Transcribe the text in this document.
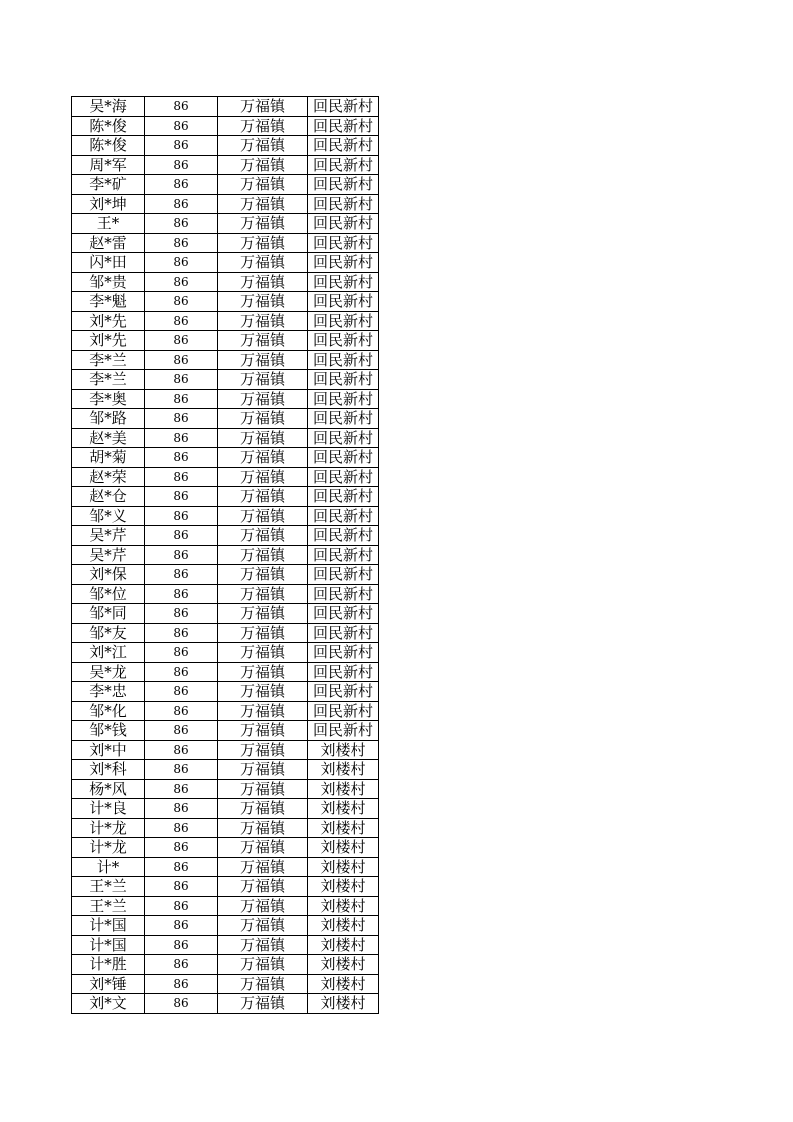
吴*海	86	万福镇	回民新村
陈*俊	86	万福镇	回民新村
陈*俊	86	万福镇	回民新村
周*军	86	万福镇	回民新村
李*矿	86	万福镇	回民新村
刘*坤	86	万福镇	回民新村
王*	86	万福镇	回民新村
赵*雷	86	万福镇	回民新村
闪*田	86	万福镇	回民新村
邹*贵	86	万福镇	回民新村
李*魁	86	万福镇	回民新村
刘*先	86	万福镇	回民新村
刘*先	86	万福镇	回民新村
李*兰	86	万福镇	回民新村
李*兰	86	万福镇	回民新村
李*奥	86	万福镇	回民新村
邹*路	86	万福镇	回民新村
赵*美	86	万福镇	回民新村
胡*菊	86	万福镇	回民新村
赵*荣	86	万福镇	回民新村
赵*仓	86	万福镇	回民新村
邹*义	86	万福镇	回民新村
吴*芹	86	万福镇	回民新村
吴*芹	86	万福镇	回民新村
刘*保	86	万福镇	回民新村
邹*位	86	万福镇	回民新村
邹*同	86	万福镇	回民新村
邹*友	86	万福镇	回民新村
刘*江	86	万福镇	回民新村
吴*龙	86	万福镇	回民新村
李*忠	86	万福镇	回民新村
邹*化	86	万福镇	回民新村
邹*钱	86	万福镇	回民新村
刘*中	86	万福镇	刘楼村
刘*科	86	万福镇	刘楼村
杨*风	86	万福镇	刘楼村
计*良	86	万福镇	刘楼村
计*龙	86	万福镇	刘楼村
计*龙	86	万福镇	刘楼村
计*	86	万福镇	刘楼村
王*兰	86	万福镇	刘楼村
王*兰	86	万福镇	刘楼村
计*国	86	万福镇	刘楼村
计*国	86	万福镇	刘楼村
计*胜	86	万福镇	刘楼村
刘*锤	86	万福镇	刘楼村
刘*文	86	万福镇	刘楼村
